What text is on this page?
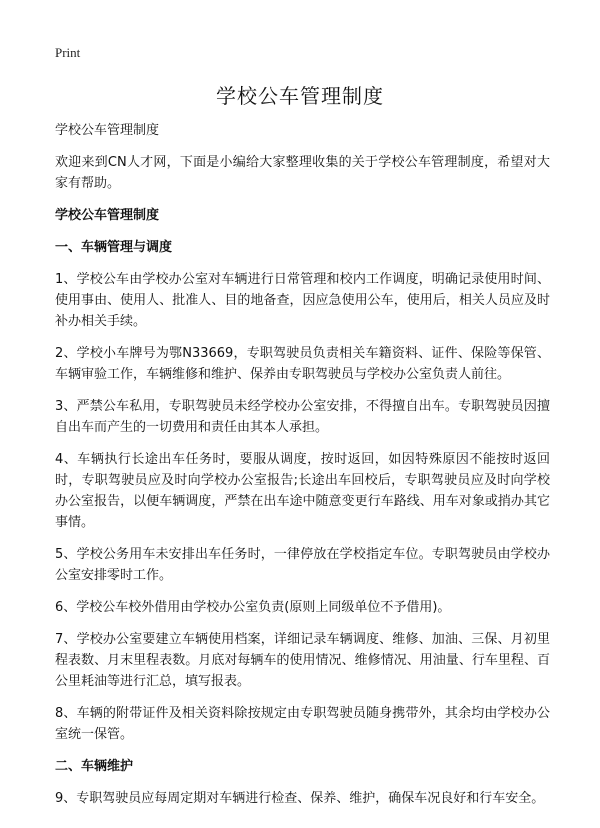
Print
学校公车管理制度

学校公车管理制度

欢迎来到CN人才网，下面是小编给大家整理收集的关于学校公车管理制度，希望对大家有帮助。

学校公车管理制度

一、车辆管理与调度

1、学校公车由学校办公室对车辆进行日常管理和校内工作调度，明确记录使用时间、使用事由、使用人、批准人、目的地备查，因应急使用公车，使用后，相关人员应及时补办相关手续。

2、学校小车牌号为鄂N33669，专职驾驶员负责相关车籍资料、证件、保险等保管、车辆审验工作，车辆维修和维护、保养由专职驾驶员与学校办公室负责人前往。

3、严禁公车私用，专职驾驶员未经学校办公室安排，不得擅自出车。专职驾驶员因擅自出车而产生的一切费用和责任由其本人承担。

4、车辆执行长途出车任务时，要服从调度，按时返回，如因特殊原因不能按时返回时，专职驾驶员应及时向学校办公室报告;长途出车回校后，专职驾驶员应及时向学校办公室报告，以便车辆调度，严禁在出车途中随意变更行车路线、用车对象或捎办其它事情。

5、学校公务用车未安排出车任务时，一律停放在学校指定车位。专职驾驶员由学校办公室安排零时工作。

6、学校公车校外借用由学校办公室负责(原则上同级单位不予借用)。

7、学校办公室要建立车辆使用档案，详细记录车辆调度、维修、加油、三保、月初里程表数、月末里程表数。月底对每辆车的使用情况、维修情况、用油量、行车里程、百公里耗油等进行汇总，填写报表。

8、车辆的附带证件及相关资料除按规定由专职驾驶员随身携带外，其余均由学校办公室统一保管。

二、车辆维护

9、专职驾驶员应每周定期对车辆进行检查、保养、维护，确保车况良好和行车安全。
